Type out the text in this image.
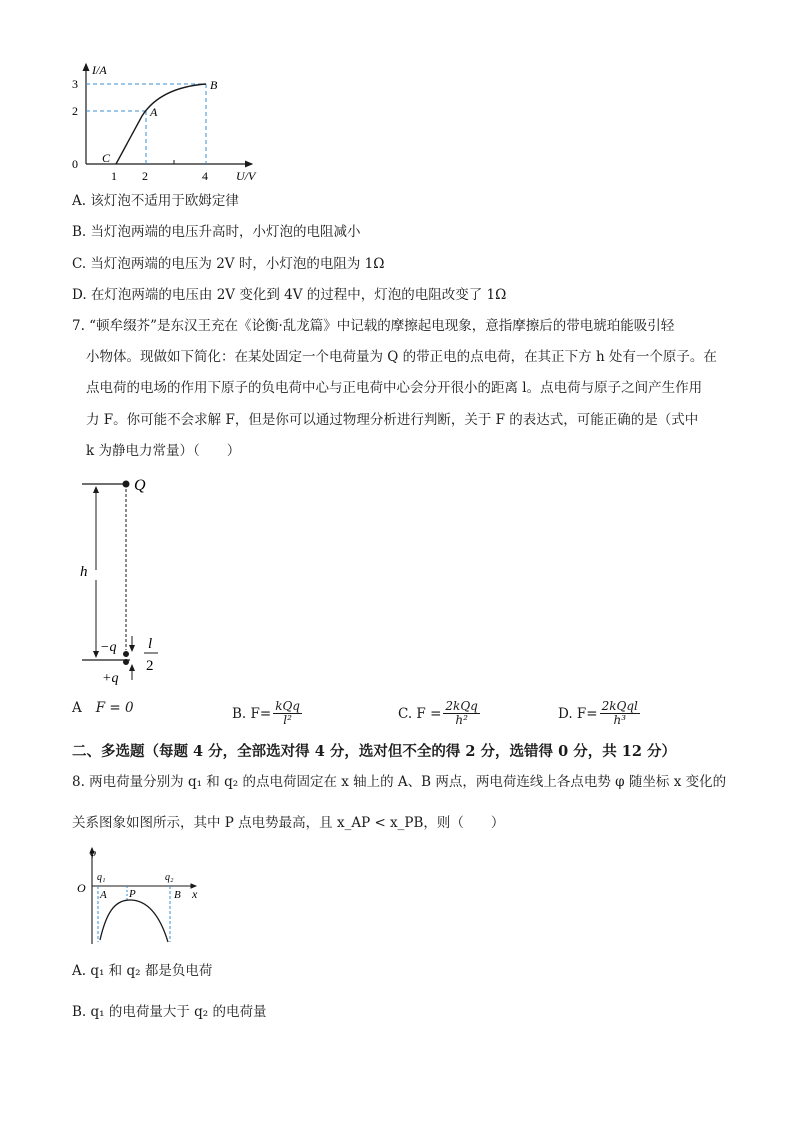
I/A
U/V
3
2
0
1 2	4
A
B
C
A. 该灯泡不适用于欧姆定律
B. 当灯泡两端的电压升高时，小灯泡的电阻减小
C. 当灯泡两端的电压为 2V 时，小灯泡的电阻为 1Ω
D. 在灯泡两端的电压由 2V 变化到 4V 的过程中，灯泡的电阻改变了 1Ω
7. “顿牟缀芥”是东汉王充在《论衡·乱龙篇》中记载的摩擦起电现象，意指摩擦后的带电琥珀能吸引轻
小物体。现做如下简化：在某处固定一个电荷量为 Q 的带正电的点电荷，在其正下方 h 处有一个原子。在
点电荷的电场的作用下原子的负电荷中心与正电荷中心会分开很小的距离 l。点电荷与原子之间产生作用
力 F。你可能不会求解 F，但是你可以通过物理分析进行判断，关于 F 的表达式，可能正确的是（式中
k 为静电力常量）（　　）
Q
h
−q
+q
l
2
A F = 0	B. $F= \frac{\text{kQq}}{\text{l²}}$	C. $F = \frac{\text{2kQq}}{\text{h²}}$	D. $F= \frac{\text{2kQql}}{\text{h³}}$
二、多选题（每题 4 分，全部选对得 4 分，选对但不全的得 2 分，选错得 0 分，共 12 分）
8. 两电荷量分别为 q₁ 和 q₂ 的点电荷固定在 x 轴上的 A、B 两点，两电荷连线上各点电势 φ 随坐标 x 变化的
关系图象如图所示，其中 P 点电势最高，且 x_AP < x_PB，则（　　）
φ
O
q₁	q₂
A P	B x
A. q₁ 和 q₂ 都是负电荷
B. q₁ 的电荷量大于 q₂ 的电荷量
